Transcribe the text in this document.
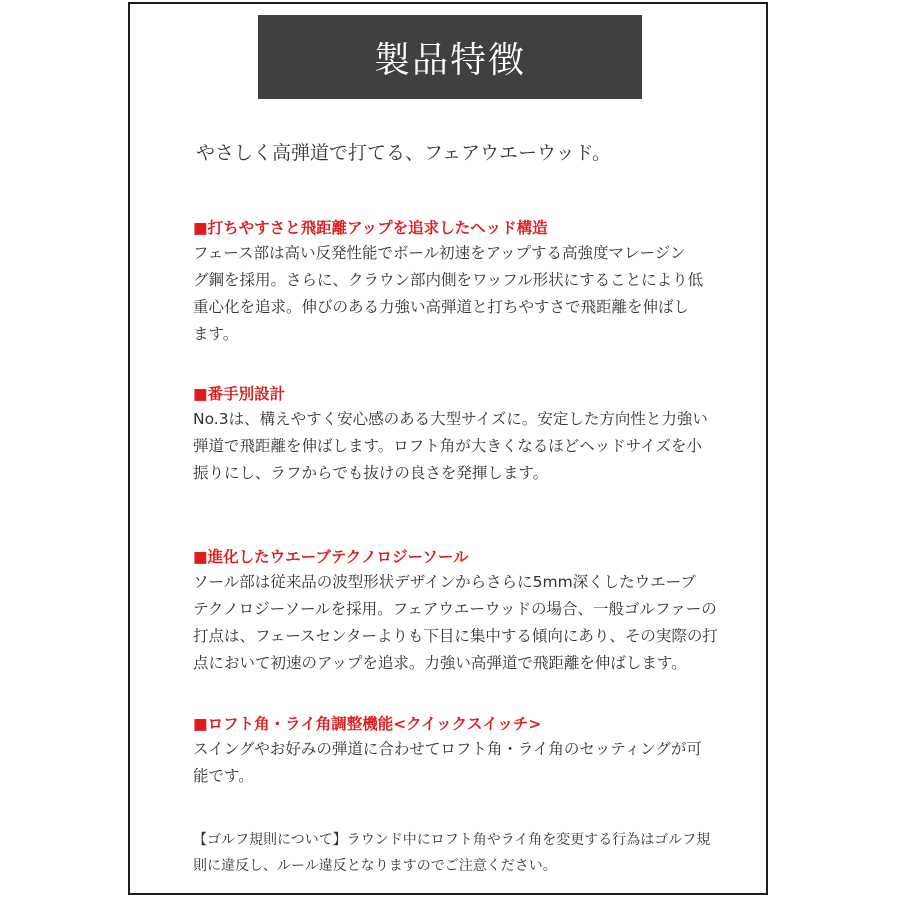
製品特徴
やさしく高弾道で打てる、フェアウエーウッド。
■打ちやすさと飛距離アップを追求したヘッド構造
フェース部は高い反発性能でボール初速をアップする高強度マレージン
グ鋼を採用。さらに、クラウン部内側をワッフル形状にすることにより低
重心化を追求。伸びのある力強い高弾道と打ちやすさで飛距離を伸ばし
ます。
■番手別設計
No.3は、構えやすく安心感のある大型サイズに。安定した方向性と力強い
弾道で飛距離を伸ばします。ロフト角が大きくなるほどヘッドサイズを小
振りにし、ラフからでも抜けの良さを発揮します。
■進化したウエーブテクノロジーソール
ソール部は従来品の波型形状デザインからさらに5mm深くしたウエーブ
テクノロジーソールを採用。フェアウエーウッドの場合、一般ゴルファーの
打点は、フェースセンターよりも下目に集中する傾向にあり、その実際の打
点において初速のアップを追求。力強い高弾道で飛距離を伸ばします。
■ロフト角・ライ角調整機能<クイックスイッチ>
スイングやお好みの弾道に合わせてロフト角・ライ角のセッティングが可
能です。
【ゴルフ規則について】ラウンド中にロフト角やライ角を変更する行為はゴルフ規
則に違反し、ルール違反となりますのでご注意ください。
